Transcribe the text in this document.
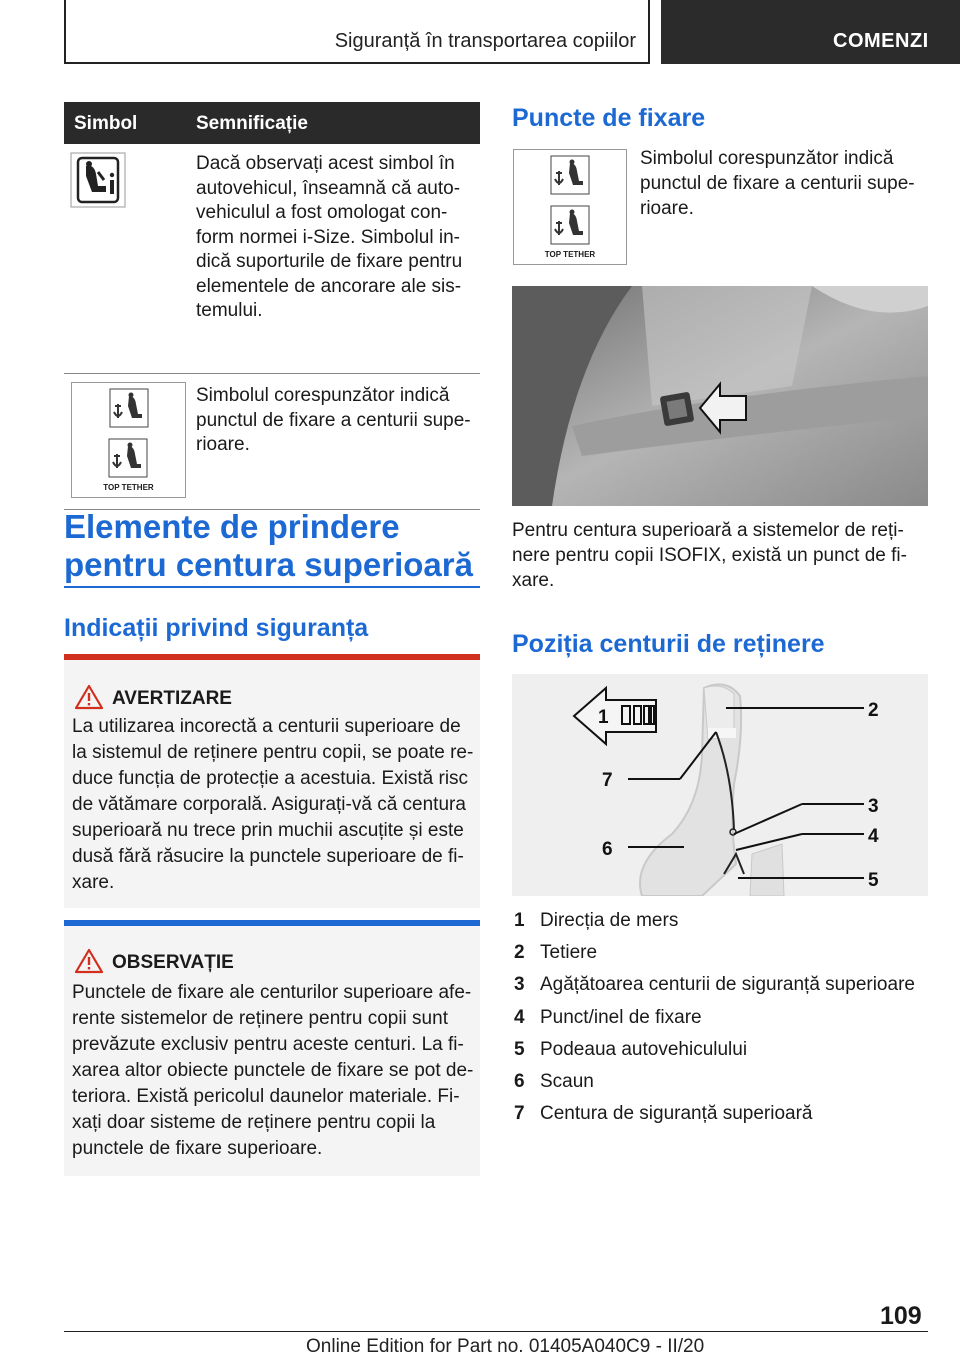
Siguranță în transportarea copiilor	COMENZI
Simbol	Semnificație
Dacă observați acest simbol în autovehicul, înseamnă că auto-vehiculul a fost omologat con-form normei i-Size. Simbolul in-dică suporturile de fixare pentru elementele de ancorare ale sis-temului.
TOP TETHER
Simbolul corespunzător indică punctul de fixare a centurii supe-rioare.
Elemente de prindere pentru centura superioară
Indicații privind siguranța
AVERTIZARE
La utilizarea incorectă a centurii superioare de la sistemul de reținere pentru copii, se poate re-duce funcția de protecție a acestuia. Există risc de vătămare corporală. Asigurați-vă că centura superioară nu trece prin muchii ascuțite și este dusă fără răsucire la punctele superioare de fi-xare.
OBSERVAȚIE
Punctele de fixare ale centurilor superioare afe-rente sistemelor de reținere pentru copii sunt prevăzute exclusiv pentru aceste centuri. La fi-xarea altor obiecte punctele de fixare se pot de-teriora. Există pericolul daunelor materiale. Fi-xați doar sisteme de reținere pentru copii la punctele de fixare superioare.
Puncte de fixare
TOP TETHER
Simbolul corespunzător indică punctul de fixare a centurii supe-rioare.
Pentru centura superioară a sistemelor de reți-nere pentru copii ISOFIX, există un punct de fi-xare.
Poziția centurii de reținere
1	2
7
3
4
6
5
1 Direcția de mers
2 Tetiere
3 Agățătoarea centurii de siguranță superioare
4 Punct/inel de fixare
5 Podeaua autovehiculului
6 Scaun
7 Centura de siguranță superioară
109
Online Edition for Part no. 01405A040C9 - II/20
